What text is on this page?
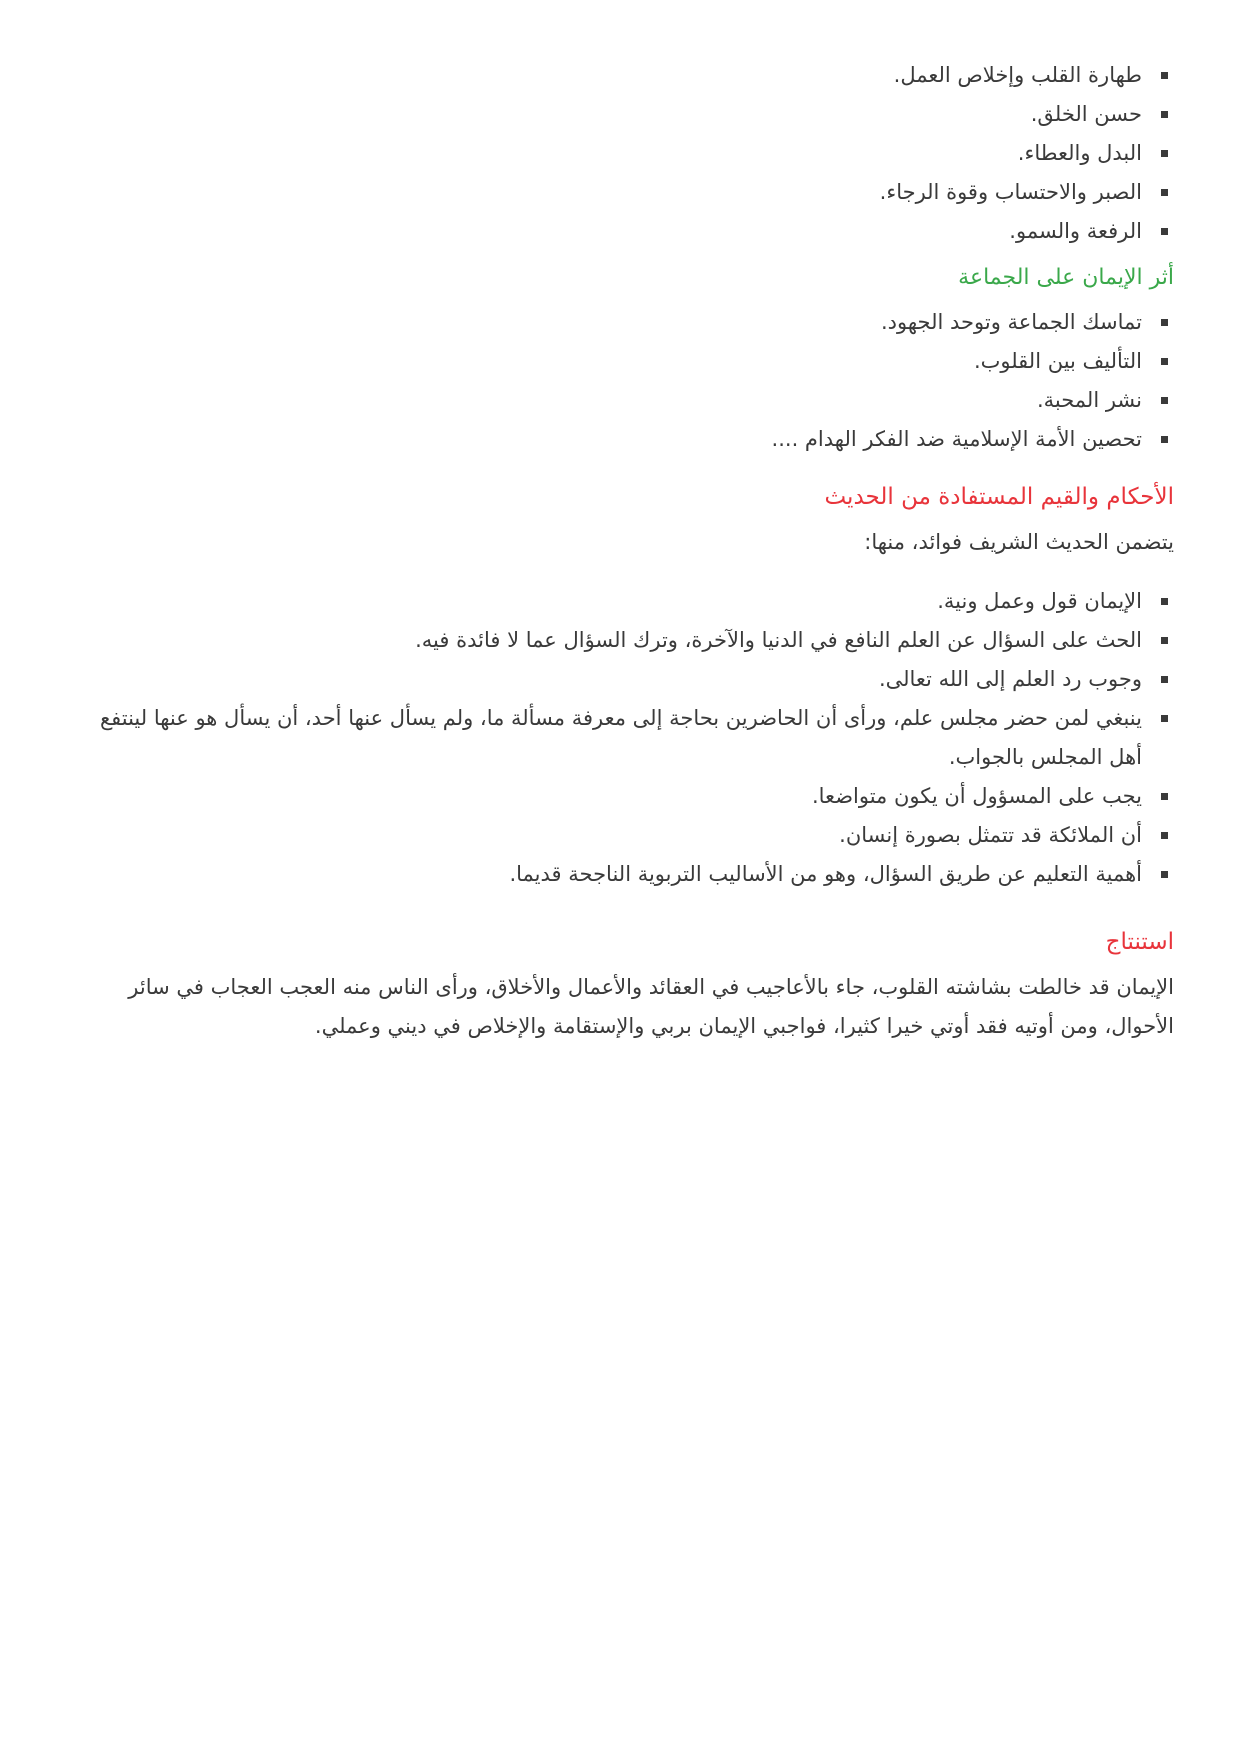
طهارة القلب وإخلاص العمل.
حسن الخلق.
البدل والعطاء.
الصبر والاحتساب وقوة الرجاء.
الرفعة والسمو.
أثر الإيمان على الجماعة
تماسك الجماعة وتوحد الجهود.
التأليف بين القلوب.
نشر المحبة.
تحصين الأمة الإسلامية ضد الفكر الهدام ....
الأحكام والقيم المستفادة من الحديث

يتضمن الحديث الشريف فوائد، منها:

الإيمان قول وعمل ونية.
الحث على السؤال عن العلم النافع في الدنيا والآخرة، وترك السؤال عما لا فائدة فيه.
وجوب رد العلم إلى الله تعالى.
ينبغي لمن حضر مجلس علم، ورأى أن الحاضرين بحاجة إلى معرفة مسألة ما، ولم يسأل عنها أحد، أن يسأل هو عنها لينتفع أهل المجلس بالجواب.
يجب على المسؤول أن يكون متواضعا.
أن الملائكة قد تتمثل بصورة إنسان.
أهمية التعليم عن طريق السؤال، وهو من الأساليب التربوية الناجحة قديما.
استنتاج

الإيمان قد خالطت بشاشته القلوب، جاء بالأعاجيب في العقائد والأعمال والأخلاق، ورأى الناس منه العجب العجاب في سائر الأحوال، ومن أوتيه فقد أوتي خيرا كثيرا، فواجبي الإيمان بربي والإستقامة والإخلاص في ديني وعملي.
